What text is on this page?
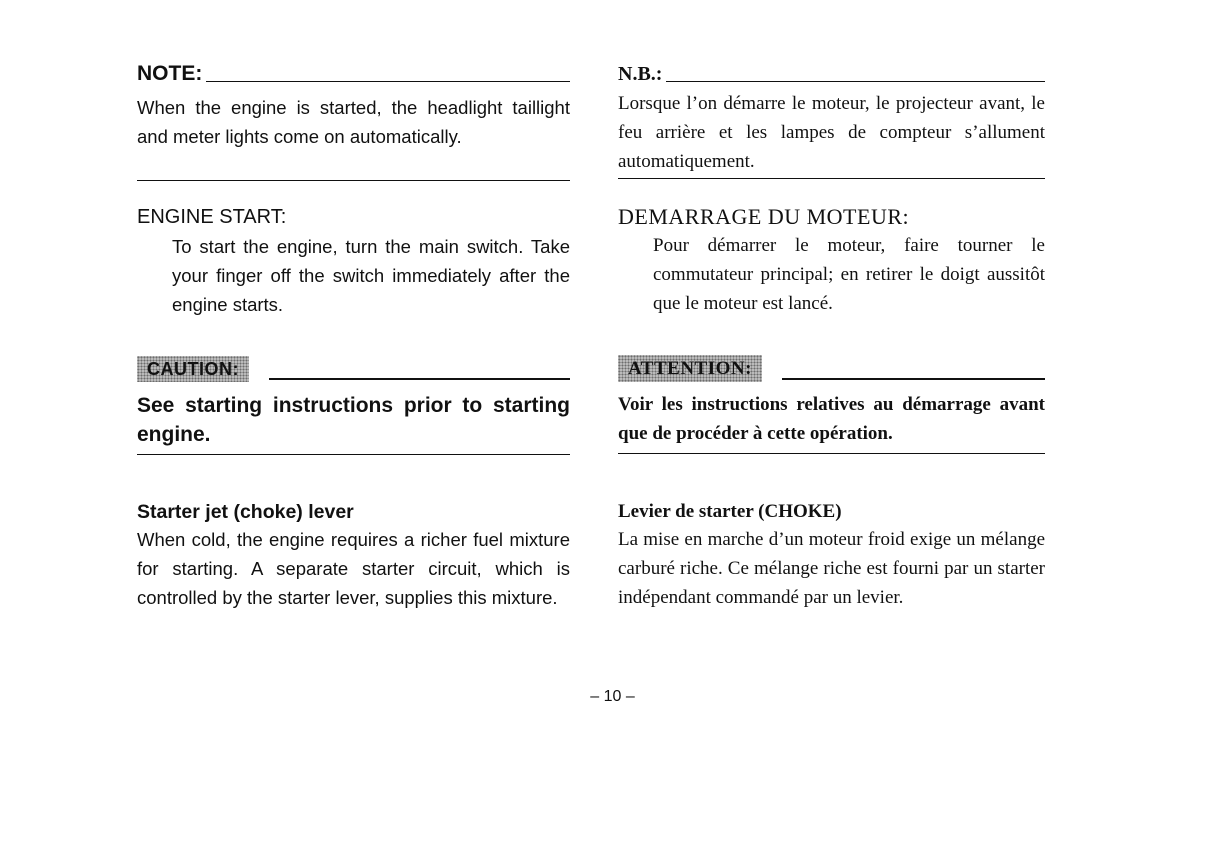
NOTE:

When the engine is started, the headlight taillight and meter lights come on automatically.

ENGINE START:

To start the engine, turn the main switch. Take your finger off the switch immediately after the engine starts.

CAUTION:

See starting instructions prior to starting engine.

Starter jet (choke) lever

When cold, the engine requires a richer fuel mixture for starting. A separate starter circuit, which is controlled by the starter lever, supplies this mixture.

N.B.:

Lorsque l’on démarre le moteur, le projecteur avant, le feu arrière et les lampes de compteur s’allument automatiquement.

DEMARRAGE DU MOTEUR:

Pour démarrer le moteur, faire tourner le commutateur principal; en retirer le doigt aussitôt que le moteur est lancé.

ATTENTION:

Voir les instructions relatives au démarrage avant que de procéder à cette opération.

Levier de starter (CHOKE)

La mise en marche d’un moteur froid exige un mélange carburé riche. Ce mélange riche est fourni par un starter indépendant commandé par un levier.

– 10 –
